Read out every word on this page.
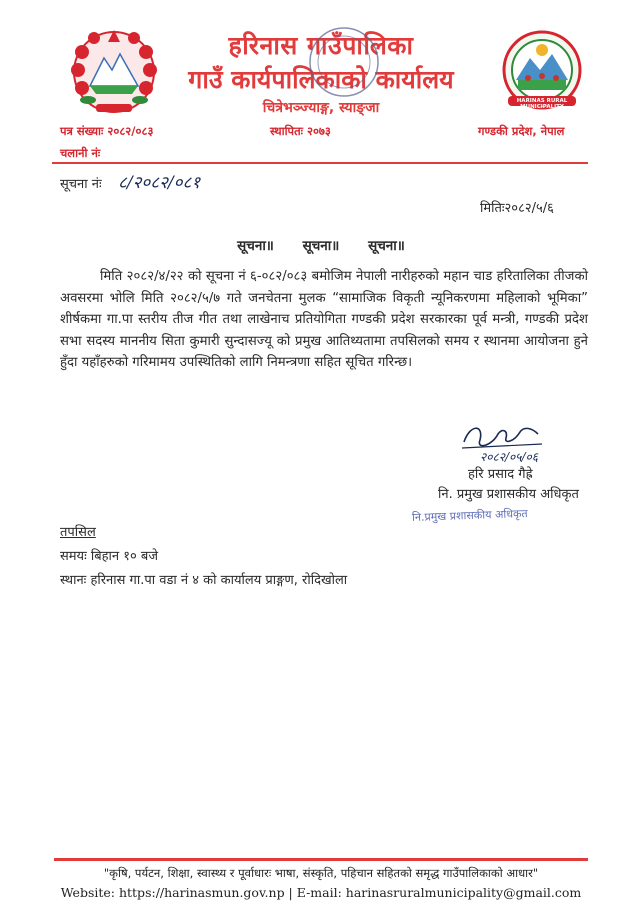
HARINAS RURAL MUNICIPALITY
हरिनास गाउँपालिका
गाउँ कार्यपालिकाको कार्यालय
चित्रेभञ्ज्याङ्ग, स्याङ्जा
पत्र संख्याः २०८२/०८३	स्थापितः २०७३	गण्डकी प्रदेश, नेपाल
चलानी नंः
सूचना नंः ८/२०८२/०८१
मितिः२०८२/५/६
सूचना॥ सूचना॥ सूचना॥
मिति २०८२/४/२२ को सूचना नं ६-०८२/०८३ बमोजिम नेपाली नारीहरुको महान चाड हरितालिका तीजको अवसरमा भोलि मिति २०८२/५/७ गते जनचेतना मुलक “सामाजिक विकृती न्यूनिकरणमा महिलाको भूमिका” शीर्षकमा गा.पा स्तरीय तीज गीत तथा लाखेनाच प्रतियोगिता गण्डकी प्रदेश सरकारका पूर्व मन्त्री, गण्डकी प्रदेश सभा सदस्य माननीय सिता कुमारी सुन्दासज्यू को प्रमुख आतिथ्यतामा तपसिलको समय र स्थानमा आयोजना हुने हुँदा यहाँहरुको गरिमामय उपस्थितिको लागि निमन्त्रणा सहित सूचित गरिन्छ।
२०८२/०५/०६
हरि प्रसाद गैह्रे
नि. प्रमुख प्रशासकीय अधिकृत
नि.प्रमुख प्रशासकीय अधिकृत
तपसिल
समयः बिहान १० बजे
स्थानः हरिनास गा.पा वडा नं ४ को कार्यालय प्राङ्गण, रोदिखोला
"कृषि, पर्यटन, शिक्षा, स्वास्थ्य र पूर्वाधारः भाषा, संस्कृति, पहिचान सहितको समृद्ध गाउँपालिकाको आधार"
Website: https://harinasmun.gov.np | E-mail: harinasruralmunicipality@gmail.com
